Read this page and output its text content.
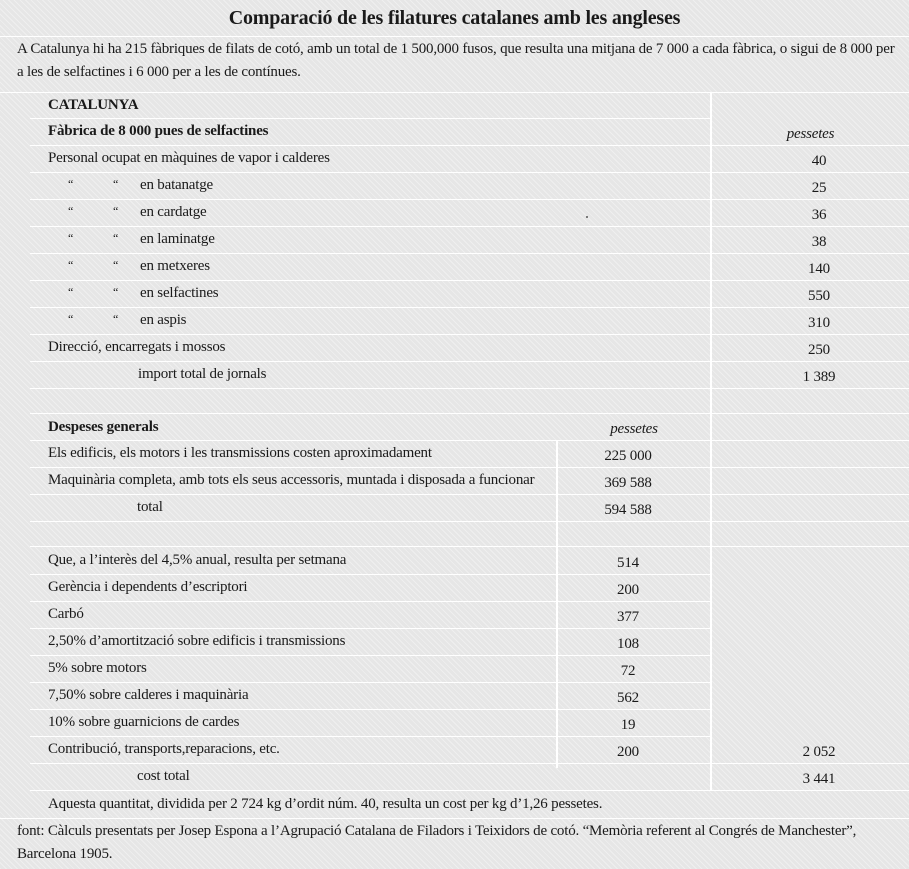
Comparació de les filatures catalanes amb les angleses
A Catalunya hi ha 215 fàbriques de filats de cotó, amb un total de 1 500,000 fusos, que resulta una mitjana de 7 000 a cada fàbrica, o sigui de 8 000 per a les de selfactines i 6 000 per a les de contínues.
CATALUNYA
Fàbrica de 8 000 pues de selfactines	pessetes
Personal ocupat en màquines de vapor i calderes	40
“	“ en batanatge	25
“	“ en cardatge	36
“	“ en laminatge	38
“	“ en metxeres	140
“	“ en selfactines	550
“	“ en aspis	310
Direcció, encarregats i mossos	250
import total de jornals	1 389
Despeses generals	pessetes
Els edificis, els motors i les transmissions costen aproximadament	225 000
Maquinària completa, amb tots els seus accessoris, muntada i disposada a funcionar	369 588
total	594 588
Que, a l’interès del 4,5% anual, resulta per setmana	514
Gerència i dependents d’escriptori	200
Carbó	377
2,50% d’amortització sobre edificis i transmissions	108
5% sobre motors	72
7,50% sobre calderes i maquinària	562
10% sobre guarnicions de cardes	19
Contribució, transports,reparacions, etc.	200	2 052
cost total	3 441
Aquesta quantitat, dividida per 2 724 kg d’ordit núm. 40, resulta un cost per kg d’1,26 pessetes.
font: Càlculs presentats per Josep Espona a l’Agrupació Catalana de Filadors i Teixidors de cotó. “Memòria referent al Congrés de Manchester”, Barcelona 1905.
